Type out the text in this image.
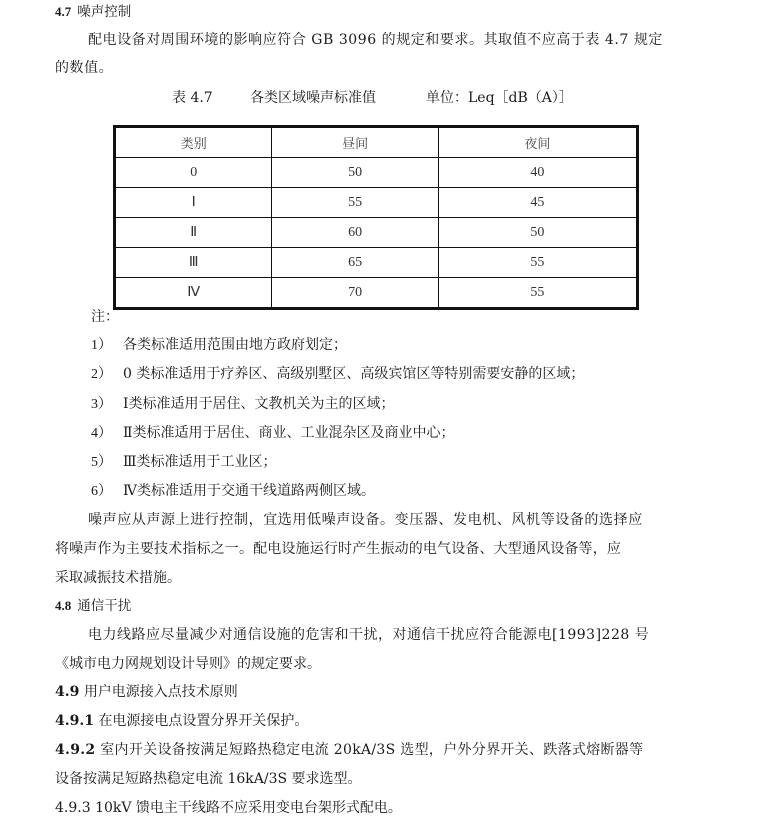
4.7 噪声控制
配电设备对周围环境的影响应符合 GB 3096 的规定和要求。其取值不应高于表 4.7 规定
的数值。
表 4.7	各类区域噪声标准值	单位：Leq［dB（A）］
类别	昼间	夜间
0	50	40
Ⅰ	55	45
Ⅱ	60	50
Ⅲ	65	55
Ⅳ	70	55
注：
1） 各类标准适用范围由地方政府划定；
2） 0 类标准适用于疗养区、高级别墅区、高级宾馆区等特别需要安静的区域；
3） Ⅰ类标准适用于居住、文教机关为主的区域；
4） Ⅱ类标准适用于居住、商业、工业混杂区及商业中心；
5） Ⅲ类标准适用于工业区；
6） Ⅳ类标准适用于交通干线道路两侧区域。
噪声应从声源上进行控制，宜选用低噪声设备。变压器、发电机、风机等设备的选择应
将噪声作为主要技术指标之一。配电设施运行时产生振动的电气设备、大型通风设备等，应
采取减振技术措施。
4.8 通信干扰
电力线路应尽量减少对通信设施的危害和干扰，对通信干扰应符合能源电[1993]228 号
《城市电力网规划设计导则》的规定要求。
4.9 用户电源接入点技术原则
4.9.1 在电源接电点设置分界开关保护。
4.9.2 室内开关设备按满足短路热稳定电流 20kA/3S 选型，户外分界开关、跌落式熔断器等
设备按满足短路热稳定电流 16kA/3S 要求选型。
4.9.3 10kV 馈电主干线路不应采用变电台架形式配电。
